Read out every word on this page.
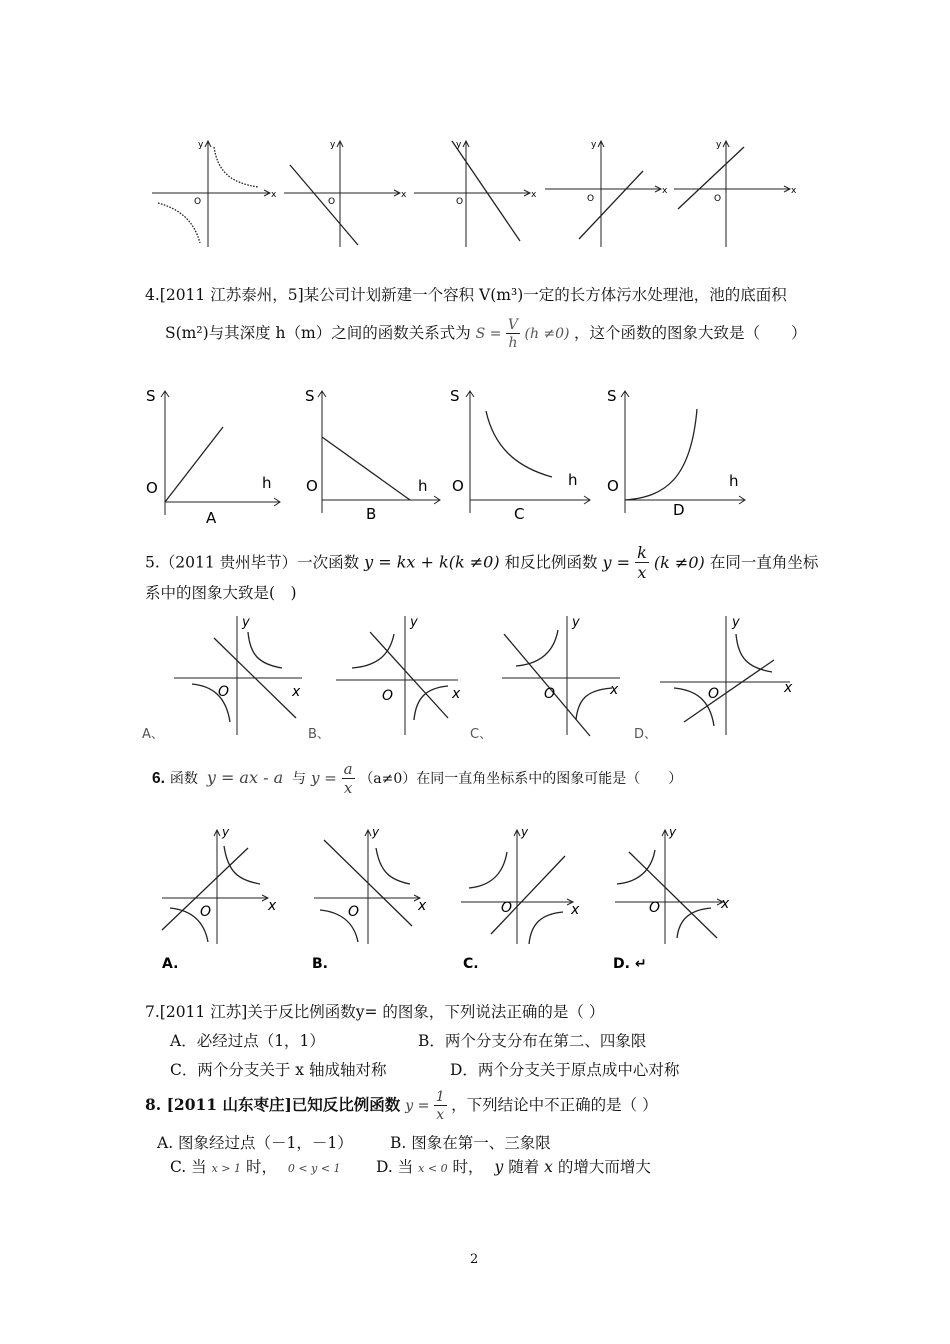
y
x
O
y
x
O
y
x
O
y
x
O
y
x
O
4.[2011 江苏泰州，5]某公司计划新建一个容积 V(m³)一定的长方体污水处理池，池的底面积
S(m²)与其深度 h（m）之间的函数关系式为 $S = \frac{V}{h} (h \ne 0)$ ，这个函数的图象大致是（　　）
S
O	h
A
S
O	h
B
S
O	h
C
S
O	h
D
5.（2011 贵州毕节）一次函数 y = kx + k(k ≠0) 和反比例函数 $y = \frac{k}{x} (k \ne 0)$ 在同一直角坐标
系中的图象大致是(　)
y
x
O
A、
y
x
O
B、
y
x
O
C、
y
x
O
D、
6. 函数 y = ax - a 与 $y = \frac{a}{x} (a\ne 0)$在同一直角坐标系中的图象可能是（　　）
y
x
O
A.
y
x
O
B.
y
x
O
C.
y
x
O
D. ↵
7.[2011 江苏]关于反比例函数y= 的图象，下列说法正确的是（ ）
A．必经过点（1，1）	B．两个分支分布在第二、四象限
C．两个分支关于 x 轴成轴对称	D．两个分支关于原点成中心对称
8. [2011 山东枣庄]已知反比例函数 $y = \frac{1}{x}$ ，下列结论中不正确的是（ ）
A. 图象经过点（－1，－1） B. 图象在第一、三象限
C. 当 x > 1 时， 0 < y < 1 D. 当 x < 0 时， y 随着 x 的增大而增大
2
